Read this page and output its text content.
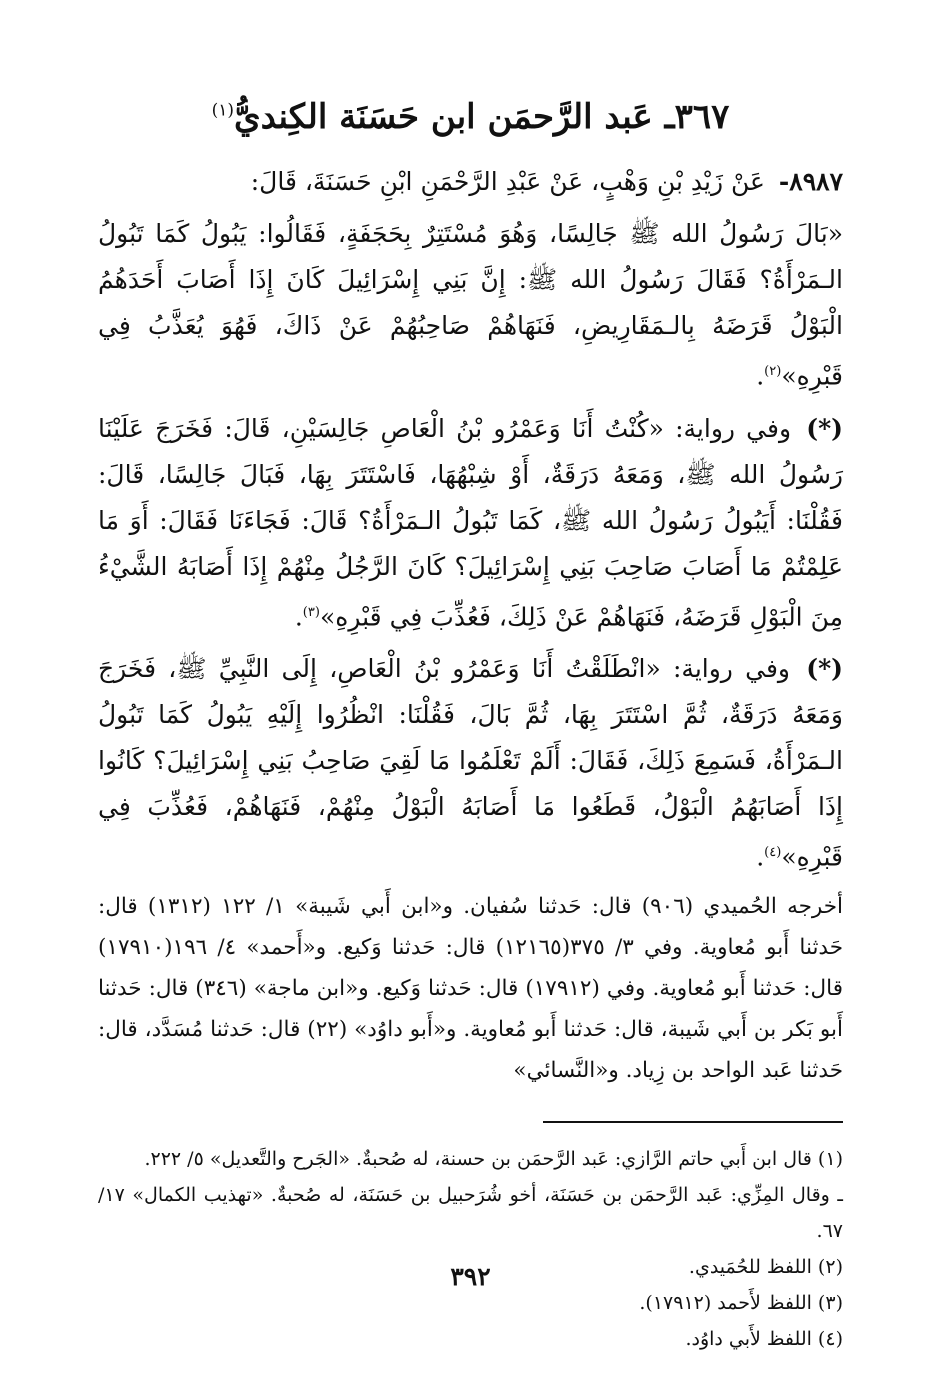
٣٦٧ـ عَبد الرَّحمَن ابن حَسَنَة الكِنديُّ$^{(١)}$

٨٩٨٧- عَنْ زَيْدِ بْنِ وَهْبٍ، عَنْ عَبْدِ الرَّحْمَنِ ابْنِ حَسَنَةَ، قَالَ:

«بَالَ رَسُولُ الله ﷺ جَالِسًا، وَهُوَ مُسْتَتِرٌ بِحَجَفَةٍ، فَقَالُوا: يَبُولُ كَمَا تَبُولُ الـمَرْأَةُ؟ فَقَالَ رَسُولُ الله ﷺ: إِنَّ بَنِي إِسْرَائِيلَ كَانَ إِذَا أَصَابَ أَحَدَهُمُ الْبَوْلُ قَرَضَهُ بِالـمَقَارِيضِ، فَنَهَاهُمْ صَاحِبُهُمْ عَنْ ذَاكَ، فَهُوَ يُعَذَّبُ فِي قَبْرِهِ»$^{(٢)}$.

(*) وفي رواية: «كُنْتُ أَنَا وَعَمْرُو بْنُ الْعَاصِ جَالِسَيْنِ، قَالَ: فَخَرَجَ عَلَيْنَا رَسُولُ الله ﷺ، وَمَعَهُ دَرَقَةٌ، أَوْ شِبْهُهَا، فَاسْتَتَرَ بِهَا، فَبَالَ جَالِسًا، قَالَ: فَقُلْنَا: أَيَبُولُ رَسُولُ الله ﷺ، كَمَا تَبُولُ الـمَرْأَةُ؟ قَالَ: فَجَاءَنَا فَقَالَ: أَوَ مَا عَلِمْتُمْ مَا أَصَابَ صَاحِبَ بَنِي إِسْرَائِيلَ؟ كَانَ الرَّجُلُ مِنْهُمْ إِذَا أَصَابَهُ الشَّيْءُ مِنَ الْبَوْلِ قَرَضَهُ، فَنَهَاهُمْ عَنْ ذَلِكَ، فَعُذِّبَ فِي قَبْرِهِ»$^{(٣)}$.

(*) وفي رواية: «انْطَلَقْتُ أَنَا وَعَمْرُو بْنُ الْعَاصِ، إِلَى النَّبِيِّ ﷺ، فَخَرَجَ وَمَعَهُ دَرَقَةٌ، ثُمَّ اسْتَتَرَ بِهَا، ثُمَّ بَالَ، فَقُلْنَا: انْظُرُوا إِلَيْهِ يَبُولُ كَمَا تَبُولُ الـمَرْأَةُ، فَسَمِعَ ذَلِكَ، فَقَالَ: أَلَمْ تَعْلَمُوا مَا لَقِيَ صَاحِبُ بَنِي إِسْرَائِيلَ؟ كَانُوا إِذَا أَصَابَهُمُ الْبَوْلُ، قَطَعُوا مَا أَصَابَهُ الْبَوْلُ مِنْهُمْ، فَنَهَاهُمْ، فَعُذِّبَ فِي قَبْرِهِ»$^{(٤)}$.

أخرجه الحُميدي (٩٠٦) قال: حَدثنا سُفيان. و«ابن أَبي شَيبة» ١/ ١٢٢ (١٣١٢) قال: حَدثنا أَبو مُعاوية. وفي ٣/ ٣٧٥(١٢١٦٥) قال: حَدثنا وَكيع. و«أَحمد» ٤/ ١٩٦(١٧٩١٠) قال: حَدثنا أَبو مُعاوية. وفي (١٧٩١٢) قال: حَدثنا وَكيع. و«ابن ماجة» (٣٤٦) قال: حَدثنا أَبو بَكر بن أَبي شَيبة، قال: حَدثنا أَبو مُعاوية. و«أَبو داوُد» (٢٢) قال: حَدثنا مُسَدَّد، قال: حَدثنا عَبد الواحد بن زِياد. و«النَّسائي»

(١) قال ابن أَبي حاتم الرَّازي: عَبد الرَّحمَن بن حسنة، له صُحبةٌ. «الجَرح والتَّعديل» ٥/ ٢٢٢.

ـ وقال المِزِّي: عَبد الرَّحمَن بن حَسَنَة، أخو شُرَحبيل بن حَسَنَة، له صُحبةٌ. «تهذيب الكمال» ١٧/ ٦٧.

(٢) اللفظ للحُمَيدي.

(٣) اللفظ لأَحمد (١٧٩١٢).

(٤) اللفظ لأَبي داوُد.

٣٩٢
